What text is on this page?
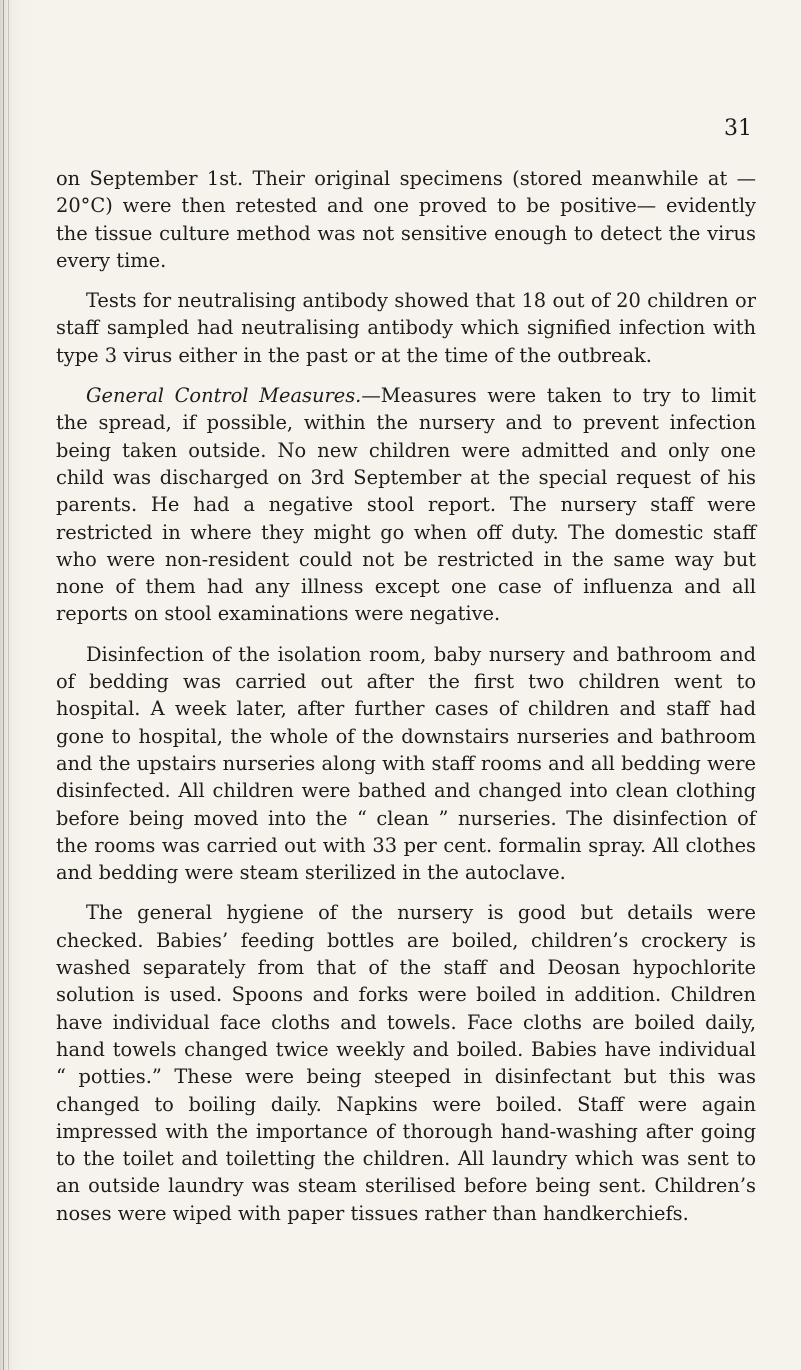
31

on September 1st. Their original specimens (stored meanwhile at —20°C) were then retested and one proved to be positive— evidently the tissue culture method was not sensitive enough to detect the virus every time.

Tests for neutralising antibody showed that 18 out of 20 children or staff sampled had neutralising antibody which signified infection with type 3 virus either in the past or at the time of the outbreak.

General Control Measures.—Measures were taken to try to limit the spread, if possible, within the nursery and to prevent infection being taken outside. No new children were admitted and only one child was discharged on 3rd September at the special request of his parents. He had a negative stool report. The nursery staff were restricted in where they might go when off duty. The domestic staff who were non-resident could not be restricted in the same way but none of them had any illness except one case of influenza and all reports on stool examinations were negative.

Disinfection of the isolation room, baby nursery and bathroom and of bedding was carried out after the first two children went to hospital. A week later, after further cases of children and staff had gone to hospital, the whole of the downstairs nurseries and bathroom and the upstairs nurseries along with staff rooms and all bedding were disinfected. All children were bathed and changed into clean clothing before being moved into the “ clean ” nurseries. The disinfection of the rooms was carried out with 33 per cent. formalin spray. All clothes and bedding were steam sterilized in the autoclave.

The general hygiene of the nursery is good but details were checked. Babies’ feeding bottles are boiled, children’s crockery is washed separately from that of the staff and Deosan hypochlorite solution is used. Spoons and forks were boiled in addition. Children have individual face cloths and towels. Face cloths are boiled daily, hand towels changed twice weekly and boiled. Babies have individual “ potties.” These were being steeped in disinfectant but this was changed to boiling daily. Napkins were boiled. Staff were again impressed with the importance of thorough hand-washing after going to the toilet and toiletting the children. All laundry which was sent to an outside laundry was steam sterilised before being sent. Children’s noses were wiped with paper tissues rather than handkerchiefs.
